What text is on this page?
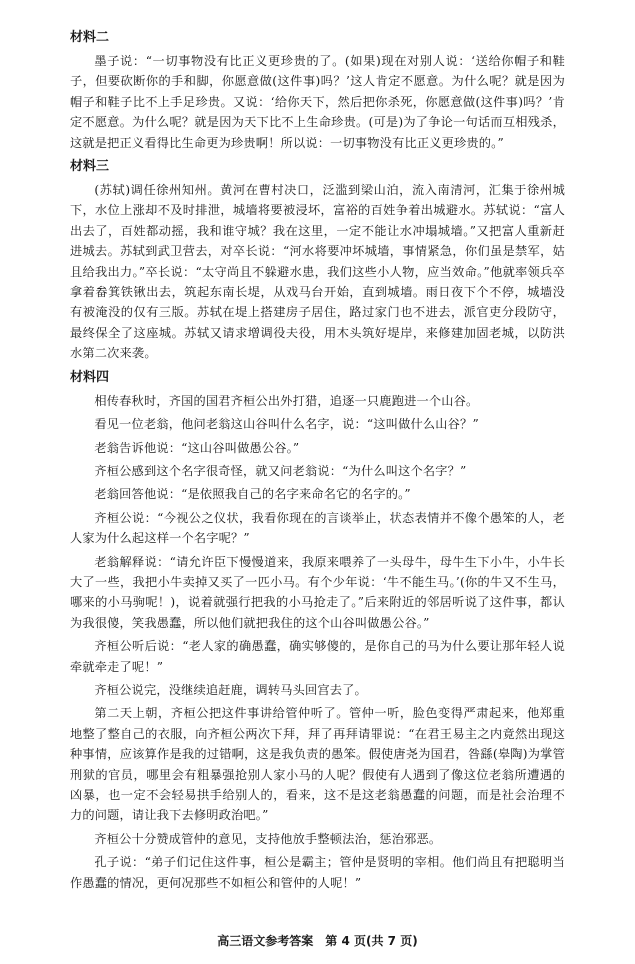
材料二

墨子说：“一切事物没有比正义更珍贵的了。(如果)现在对别人说：‘送给你帽子和鞋子，但要砍断你的手和脚，你愿意做(这件事)吗？’这人肯定不愿意。为什么呢？就是因为帽子和鞋子比不上手足珍贵。又说：‘给你天下，然后把你杀死，你愿意做(这件事)吗？’肯定不愿意。为什么呢？就是因为天下比不上生命珍贵。(可是)为了争论一句话而互相残杀，这就是把正义看得比生命更为珍贵啊！所以说：一切事物没有比正义更珍贵的。”

材料三

(苏轼)调任徐州知州。黄河在曹村决口，泛滥到梁山泊，流入南清河，汇集于徐州城下，水位上涨却不及时排泄，城墙将要被浸坏，富裕的百姓争着出城避水。苏轼说：“富人出去了，百姓都动摇，我和谁守城？我在这里，一定不能让水冲塌城墙。”又把富人重新赶进城去。苏轼到武卫营去，对卒长说：“河水将要冲坏城墙，事情紧急，你们虽是禁军，姑且给我出力。”卒长说：“太守尚且不躲避水患，我们这些小人物，应当效命。”他就率领兵卒拿着畚箕铁锹出去，筑起东南长堤，从戏马台开始，直到城墙。雨日夜下个不停，城墙没有被淹没的仅有三版。苏轼在堤上搭建房子居住，路过家门也不进去，派官吏分段防守，最终保全了这座城。苏轼又请求增调役夫役，用木头筑好堤岸，来修建加固老城，以防洪水第二次来袭。

材料四

相传春秋时，齐国的国君齐桓公出外打猎，追逐一只鹿跑进一个山谷。

看见一位老翁，他问老翁这山谷叫什么名字，说：“这叫做什么山谷？”

老翁告诉他说：“这山谷叫做愚公谷。”

齐桓公感到这个名字很奇怪，就又问老翁说：“为什么叫这个名字？”

老翁回答他说：“是依照我自己的名字来命名它的名字的。”

齐桓公说：“今视公之仪状，我看你现在的言谈举止，状态表情并不像个愚笨的人，老人家为什么起这样一个名字呢？”

老翁解释说：“请允许臣下慢慢道来，我原来喂养了一头母牛，母牛生下小牛，小牛长大了一些，我把小牛卖掉又买了一匹小马。有个少年说：‘牛不能生马。’(你的牛又不生马，哪来的小马驹呢！)，说着就强行把我的小马抢走了。”后来附近的邻居听说了这件事，都认为我很傻，笑我愚蠢，所以他们就把我住的这个山谷叫做愚公谷。”

齐桓公听后说：“老人家的确愚蠢，确实够傻的，是你自己的马为什么要让那年轻人说牵就牵走了呢！”

齐桓公说完，没继续追赶鹿，调转马头回宫去了。

第二天上朝，齐桓公把这件事讲给管仲听了。管仲一听，脸色变得严肃起来，他郑重地整了整自己的衣服，向齐桓公两次下拜，拜了再拜请罪说：“在君王易主之内竟然出现这种事情，应该算作是我的过错啊，这是我负责的愚笨。假使唐尧为国君，咎繇(皋陶)为掌管刑狱的官员，哪里会有粗暴强抢别人家小马的人呢？假使有人遇到了像这位老翁所遭遇的凶暴，也一定不会轻易拱手给别人的，看来，这不是这老翁愚蠢的问题，而是社会治理不力的问题，请让我下去修明政治吧。”

齐桓公十分赞成管仲的意见，支持他放手整顿法治，惩治邪恶。

孔子说：“弟子们记住这件事，桓公是霸主；管仲是贤明的宰相。他们尚且有把聪明当作愚蠢的情况，更何况那些不如桓公和管仲的人呢！”

高三语文参考答案　第 4 页(共 7 页)
